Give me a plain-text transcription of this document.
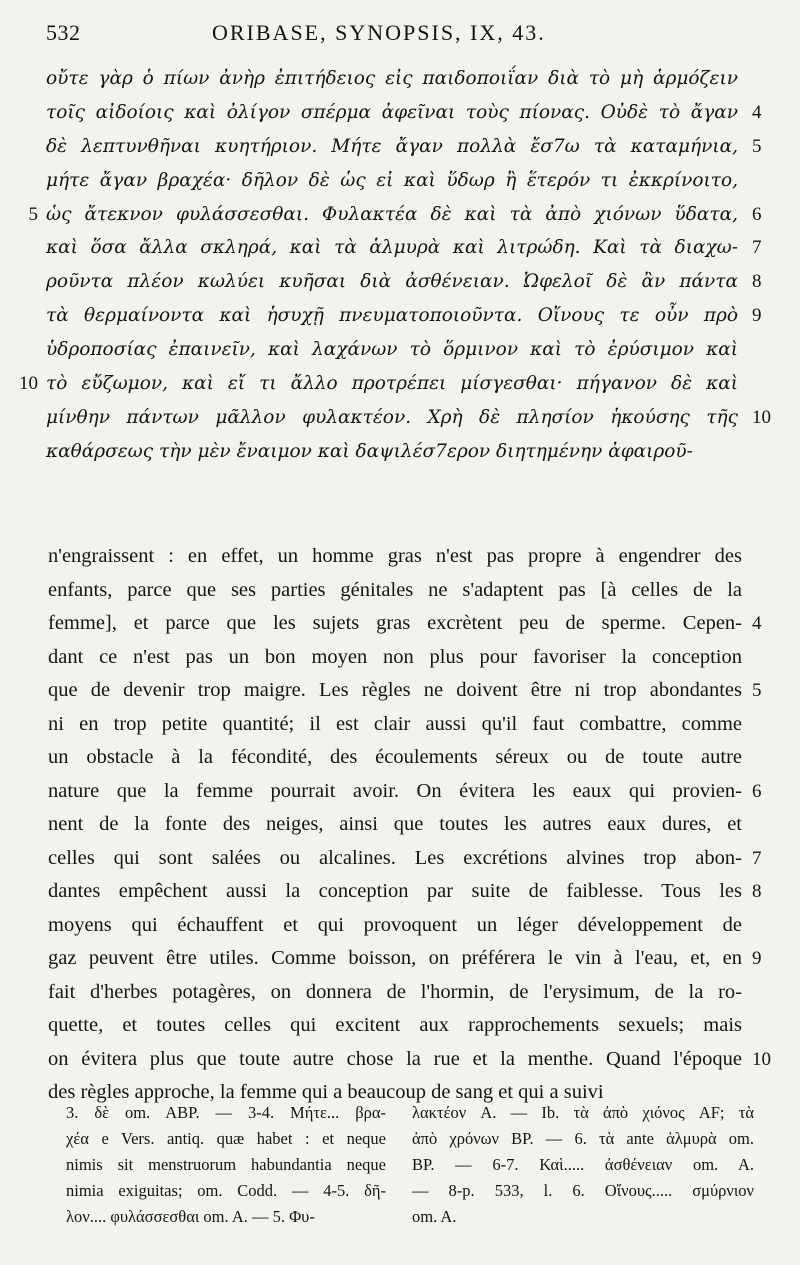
532	ORIBASE, SYNOPSIS, IX, 43.
οὔτε γὰρ ὁ πίων ἀνὴρ ἐπιτήδειος εἰς παιδοποιΐαν διὰ τὸ μὴ ἁρμόζειν
τοῖς αἰδοίοις καὶ ὀλίγον σπέρμα ἀφεῖναι τοὺς πίονας. Οὐδὲ τὸ ἄγαν 4
δὲ λεπτυνθῆναι κυητήριον. Μήτε ἄγαν πολλὰ ἔσ7ω τὰ καταμήνια, 5
μήτε ἄγαν βραχέα· δῆλον δὲ ὡς εἰ καὶ ὕδωρ ἢ ἕτερόν τι ἐκκρίνοιτο,
ὡς ἄτεκνον φυλάσσεσθαι. Φυλακτέα δὲ καὶ τὰ ἀπὸ χιόνων ὕδατα,
5	6
καὶ ὅσα ἄλλα σκληρά, καὶ τὰ ἁλμυρὰ καὶ λιτρώδη. Καὶ τὰ διαχω- 7
ροῦντα πλέον κωλύει κυῆσαι διὰ ἀσθένειαν. Ὠφελοῖ δὲ ἂν πάντα 8
τὰ θερμαίνοντα καὶ ἡσυχῇ πνευματοποιοῦντα. Οἴνους τε οὖν πρὸ 9
ὑδροποσίας ἐπαινεῖν, καὶ λαχάνων τὸ ὅρμινον καὶ τὸ ἐρύσιμον καὶ
τὸ εὔζωμον, καὶ εἴ τι ἄλλο προτρέπει μίσγεσθαι· πήγανον δὲ καὶ
10
μίνθην πάντων μᾶλλον φυλακτέον. Χρὴ δὲ πλησίον ἡκούσης τῆς 10
καθάρσεως τὴν μὲν ἔναιμον καὶ δαψιλέσ7ερον διητημένην ἀφαιροῦ-
n'engraissent : en effet, un homme gras n'est pas propre à engendrer des
enfants, parce que ses parties génitales ne s'adaptent pas [à celles de la
femme], et parce que les sujets gras excrètent peu de sperme. Cepen- 4
dant ce n'est pas un bon moyen non plus pour favoriser la conception
que de devenir trop maigre. Les règles ne doivent être ni trop abondantes 5
ni en trop petite quantité; il est clair aussi qu'il faut combattre, comme
un obstacle à la fécondité, des écoulements séreux ou de toute autre
nature que la femme pourrait avoir. On évitera les eaux qui provien- 6
nent de la fonte des neiges, ainsi que toutes les autres eaux dures, et
celles qui sont salées ou alcalines. Les excrétions alvines trop abon- 7
dantes empêchent aussi la conception par suite de faiblesse. Tous les 8
moyens qui échauffent et qui provoquent un léger développement de
gaz peuvent être utiles. Comme boisson, on préférera le vin à l'eau, et, en 9
fait d'herbes potagères, on donnera de l'hormin, de l'erysimum, de la ro-
quette, et toutes celles qui excitent aux rapprochements sexuels; mais
on évitera plus que toute autre chose la rue et la menthe. Quand l'époque 10
des règles approche, la femme qui a beaucoup de sang et qui a suivi
3. δὲ om. ABP. — 3-4. Μήτε... βρα-
χέα e Vers. antiq. quæ habet : et neque
nimis sit menstruorum habundantia neque
nimia exiguitas; om. Codd. — 4-5. δῆ-
λον.... φυλάσσεσθαι om. A. — 5. Φυ-
λακτέον A. — Ib. τὰ ἀπὸ χιόνος AF; τὰ
ἀπὸ χρόνων BP. — 6. τὰ ante ἁλμυρὰ om.
BP. — 6-7. Καὶ..... ἀσθένειαν om. A.
— 8-p. 533, l. 6. Οἴνους..... σμύρνιον
om. A.
